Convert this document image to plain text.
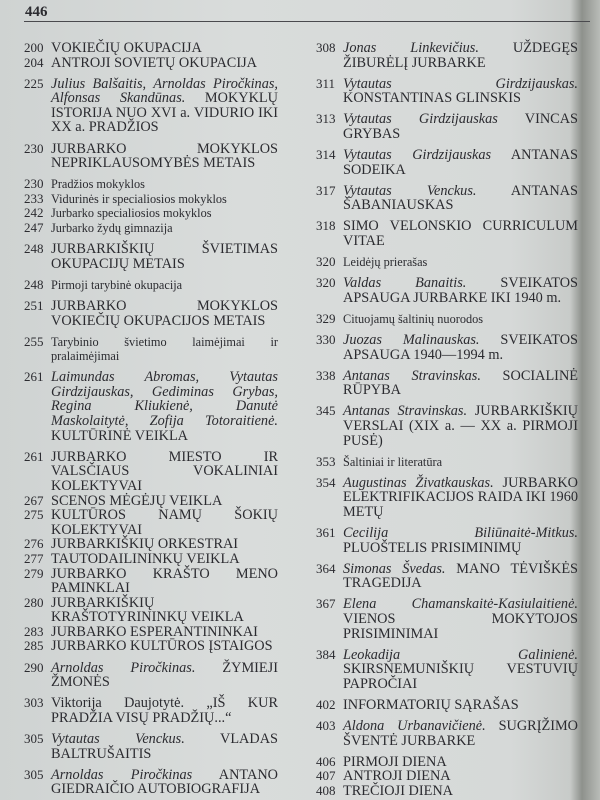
446
200 VOKIEČIŲ OKUPACIJA
204 ANTROJI SOVIETŲ OKUPACIJA
225 Julius Balšaitis, Arnoldas Piročkinas, Alfonsas Skandūnas. MOKYKLŲ ISTORIJA NUO XVI a. VIDURIO IKI XX a. PRADŽIOS
230 JURBARKO MOKYKLOS NEPRIKLAUSOMYBĖS METAIS
230 Pradžios mokyklos
233 Vidurinės ir specialiosios mokyklos
242 Jurbarko specialiosios mokyklos
247 Jurbarko žydų gimnazija
248 JURBARKIŠKIŲ ŠVIETIMAS OKUPACIJŲ METAIS
248 Pirmoji tarybinė okupacija
251 JURBARKO MOKYKLOS VOKIEČIŲ OKUPACIJOS METAIS
255 Tarybinio švietimo laimėjimai ir pralaimėjimai
261 Laimundas Abromas, Vytautas Girdzijauskas, Gediminas Grybas, Regina Kliukienė, Danutė Maskolaitytė, Zofija Totoraitienė. KULTŪRINĖ VEIKLA
261 JURBARKO MIESTO IR VALSČIAUS VOKALINIAI KOLEKTYVAI
267 SCENOS MĖGĖJŲ VEIKLA
275 KULTŪROS NAMŲ ŠOKIŲ KOLEKTYVAI
276 JURBARKIŠKIŲ ORKESTRAI
277 TAUTODAILININKŲ VEIKLA
279 JURBARKO KRAŠTO MENO PAMINKLAI
280 JURBARKIŠKIŲ KRAŠTOTYRININKŲ VEIKLA
283 JURBARKO ESPERANTININKAI
285 JURBARKO KULTŪROS ĮSTAIGOS
290 Arnoldas Piročkinas. ŽYMIEJI ŽMONĖS
303 Viktorija Daujotytė. „IŠ KUR PRADŽIA VISŲ PRADŽIŲ...“
305 Vytautas Venckus. VLADAS BALTRUŠAITIS
305 Arnoldas Piročkinas ANTANO GIEDRAIČIO AUTOBIOGRAFIJA
308 Jonas Linkevičius. UŽDEGĘS ŽIBURĖLĮ JURBARKE
311 Vytautas Girdzijauskas. KONSTANTINAS GLINSKIS
313 Vytautas Girdzijauskas VINCAS GRYBAS
314 Vytautas Girdzijauskas ANTANAS SODEIKA
317 Vytautas Venckus. ANTANAS ŠABANIAUSKAS
318 SIMO VELONSKIO CURRICULUM VITAE
320 Leidėjų prierašas
320 Valdas Banaitis. SVEIKATOS APSAUGA JURBARKE IKI 1940 m.
329 Cituojamų šaltinių nuorodos
330 Juozas Malinauskas. SVEIKATOS APSAUGA 1940—1994 m.
338 Antanas Stravinskas. SOCIALINĖ RŪPYBA
345 Antanas Stravinskas. JURBARKIŠKIŲ VERSLAI (XIX a. — XX a. PIRMOJI PUSĖ)
353 Šaltiniai ir literatūra
354 Augustinas Živatkauskas. JURBARKO ELEKTRIFIKACIJOS RAIDA IKI 1960 METŲ
361 Cecilija Biliūnaitė-Mitkus. PLUOŠTELIS PRISIMINIMŲ
364 Simonas Švedas. MANO TĖVIŠKĖS TRAGEDIJA
367 Elena Chamanskaitė-Kasiulaitienė. VIENOS MOKYTOJOS PRISIMINIMAI
384 Leokadija Galinienė. SKIRSNEMUNIŠKIŲ VESTUVIŲ PAPROČIAI
402 INFORMATORIŲ SĄRAŠAS
403 Aldona Urbanavičienė. SUGRĮŽIMO ŠVENTĖ JURBARKE
406 PIRMOJI DIENA
407 ANTROJI DIENA
408 TREČIOJI DIENA
